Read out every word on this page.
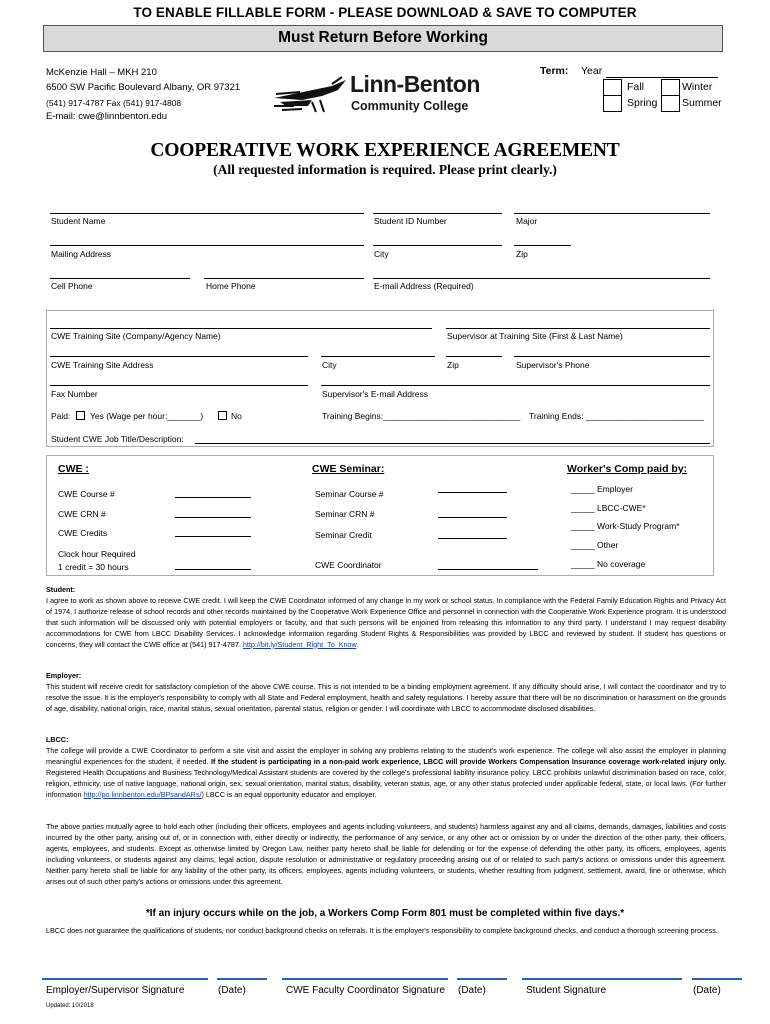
TO ENABLE FILLABLE FORM - PLEASE DOWNLOAD & SAVE TO COMPUTER
Must Return Before Working
McKenzie Hall – MKH 210
6500 SW Pacific Boulevard Albany, OR 97321
(541) 917-4787 Fax (541) 917-4808
E-mail: cwe@linnbenton.edu
Linn-Benton
Community College
Term: Year
Fall	Winter
Spring Summer
COOPERATIVE WORK EXPERIENCE AGREEMENT
(All requested information is required. Please print clearly.)
Student Name	Student ID Number	Major
Mailing Address	City	Zip
Cell Phone	Home Phone	E-mail Address (Required)
CWE Training Site (Company/Agency Name)	Supervisor at Training Site (First & Last Name)
CWE Training Site Address	City	Zip	Supervisor's Phone
Fax Number	Supervisor's E-mail Address
Paid: Yes (Wage per hour:_______)	No	Training Begins:_____________________________ Training Ends: _________________________
Student CWE Job Title/Description:
CWE :
CWE Course #
CWE CRN #
CWE Credits
Clock hour Required
1 credit = 30 hours
CWE Seminar:
Seminar Course #
Seminar CRN #
Seminar Credit
CWE Coordinator
Worker's Comp paid by:
_____ Employer
_____ LBCC-CWE*
_____ Work-Study Program*
_____ Other
_____ No coverage
Student:
I agree to work as shown above to receive CWE credit. I will keep the CWE Coordinator informed of any change in my work or school status. In compliance with the Federal Family Education Rights and Privacy Act of 1974, I authorize release of school records and other records maintained by the Cooperative Work Experience Office and personnel in connection with the Cooperative Work Experience program. It is understood that such information will be discussed only with potential employers or faculty, and that such persons will be enjoined from releasing this information to any third party. I understand I may request disability accommodations for CWE from LBCC Disability Services. I acknowledge information regarding Student Rights & Responsibilities was provided by LBCC and reviewed by student. If student has questions or concerns, they will contact the CWE office at (541) 917-4787. http://bit.ly/Student_Right_To_Know.
Employer:
This student will receive credit for satisfactory completion of the above CWE course. This is not intended to be a binding employment agreement. If any difficulty should arise, I will contact the coordinator and try to resolve the issue. It is the employer's responsibility to comply with all State and Federal employment, health and safety regulations. I hereby assure that there will be no discrimination or harassment on the grounds of age, disability, national origin, race, marital status, sexual orientation, parental status, religion or gender. I will coordinate with LBCC to accommodate disclosed disabilities.
LBCC:
The college will provide a CWE Coordinator to perform a site visit and assist the employer in solving any problems relating to the student's work experience. The college will also assist the employer in planning meaningful experiences for the student, if needed. If the student is participating in a non-paid work experience, LBCC will provide Workers Compensation Insurance coverage work-related injury only. Registered Health Occupations and Business Technology/Medical Assistant students are covered by the college's professional liability insurance policy. LBCC prohibits unlawful discrimination based on race, color, religion, ethnicity, use of native language, national origin, sex, sexual orientation, marital status, disability, veteran status, age, or any other status protected under applicable federal, state, or local laws. (For further information http://po.linnbenton.edu/BPsandARs/) LBCC is an equal opportunity educator and employer.
The above parties mutually agree to hold each other (including their officers, employees and agents including volunteers, and students) harmless against any and all claims, demands, damages, liabilities and costs incurred by the other party, arising out of, or in connection with, either directly or indirectly, the performance of any service, or any other act or omission by or under the direction of the other party, their officers, agents, employees, and students. Except as otherwise limited by Oregon Law, neither party hereto shall be liable for defending or for the expense of defending the other party, its officers, employees, agents including volunteers, or students against any claims, legal action, dispute resolution or administrative or regulatory proceeding arising out of or related to such party's actions or omissions under this agreement. Neither party hereto shall be liable for any liability of the other party, its officers, employees, agents including volunteers, or students, whether resulting from judgment, settlement, award, fine or otherwise, which arises out of such other party's actions or omissions under this agreement.
*If an injury occurs while on the job, a Workers Comp Form 801 must be completed within five days.*
LBCC does not guarantee the qualifications of students, nor conduct background checks on referrals. It is the employer's responsibility to complete background checks, and conduct a thorough screening process.
Employer/Supervisor Signature	(Date)	CWE Faculty Coordinator Signature (Date)	Student Signature	(Date)
Updated: 10/2018
